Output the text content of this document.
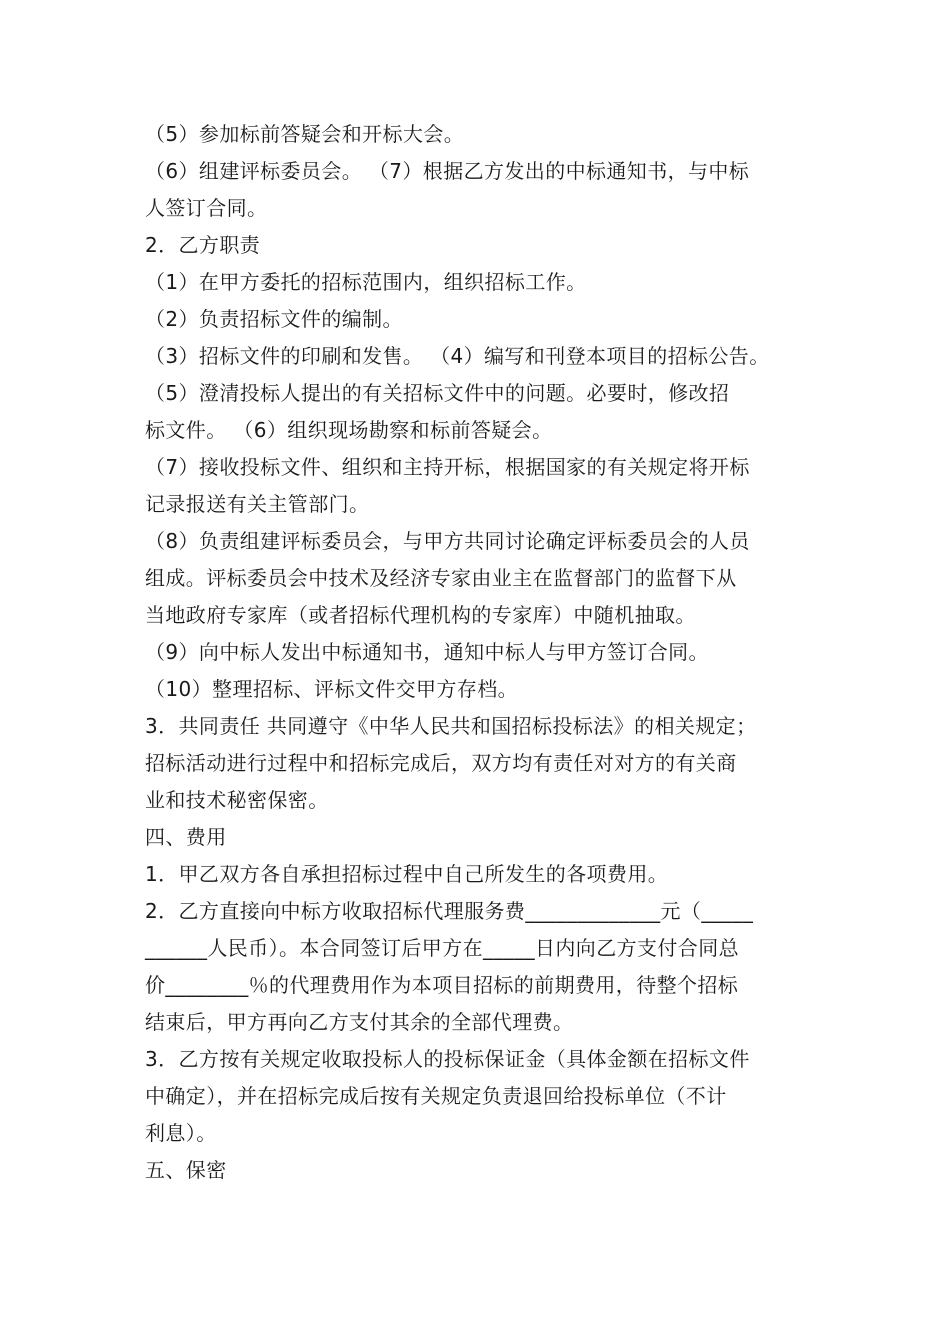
（5）参加标前答疑会和开标大会。
（6）组建评标委员会。 （7）根据乙方发出的中标通知书，与中标
人签订合同。
2．乙方职责
（1）在甲方委托的招标范围内，组织招标工作。
（2）负责招标文件的编制。
（3）招标文件的印刷和发售。 （4）编写和刊登本项目的招标公告。
（5）澄清投标人提出的有关招标文件中的问题。必要时，修改招
标文件。 （6）组织现场勘察和标前答疑会。
（7）接收投标文件、组织和主持开标，根据国家的有关规定将开标
记录报送有关主管部门。
（8）负责组建评标委员会，与甲方共同讨论确定评标委员会的人员
组成。评标委员会中技术及经济专家由业主在监督部门的监督下从
当地政府专家库（或者招标代理机构的专家库）中随机抽取。
（9）向中标人发出中标通知书，通知中标人与甲方签订合同。
（10）整理招标、评标文件交甲方存档。
3．共同责任 共同遵守《中华人民共和国招标投标法》的相关规定；
招标活动进行过程中和招标完成后，双方均有责任对对方的有关商
业和技术秘密保密。
四、费用
1．甲乙双方各自承担招标过程中自己所发生的各项费用。
2．乙方直接向中标方收取招标代理服务费_____________元（_____
______人民币）。本合同签订后甲方在_____日内向乙方支付合同总
价________％的代理费用作为本项目招标的前期费用，待整个招标
结束后，甲方再向乙方支付其余的全部代理费。
3．乙方按有关规定收取投标人的投标保证金（具体金额在招标文件
中确定），并在招标完成后按有关规定负责退回给投标单位（不计
利息）。
五、保密
